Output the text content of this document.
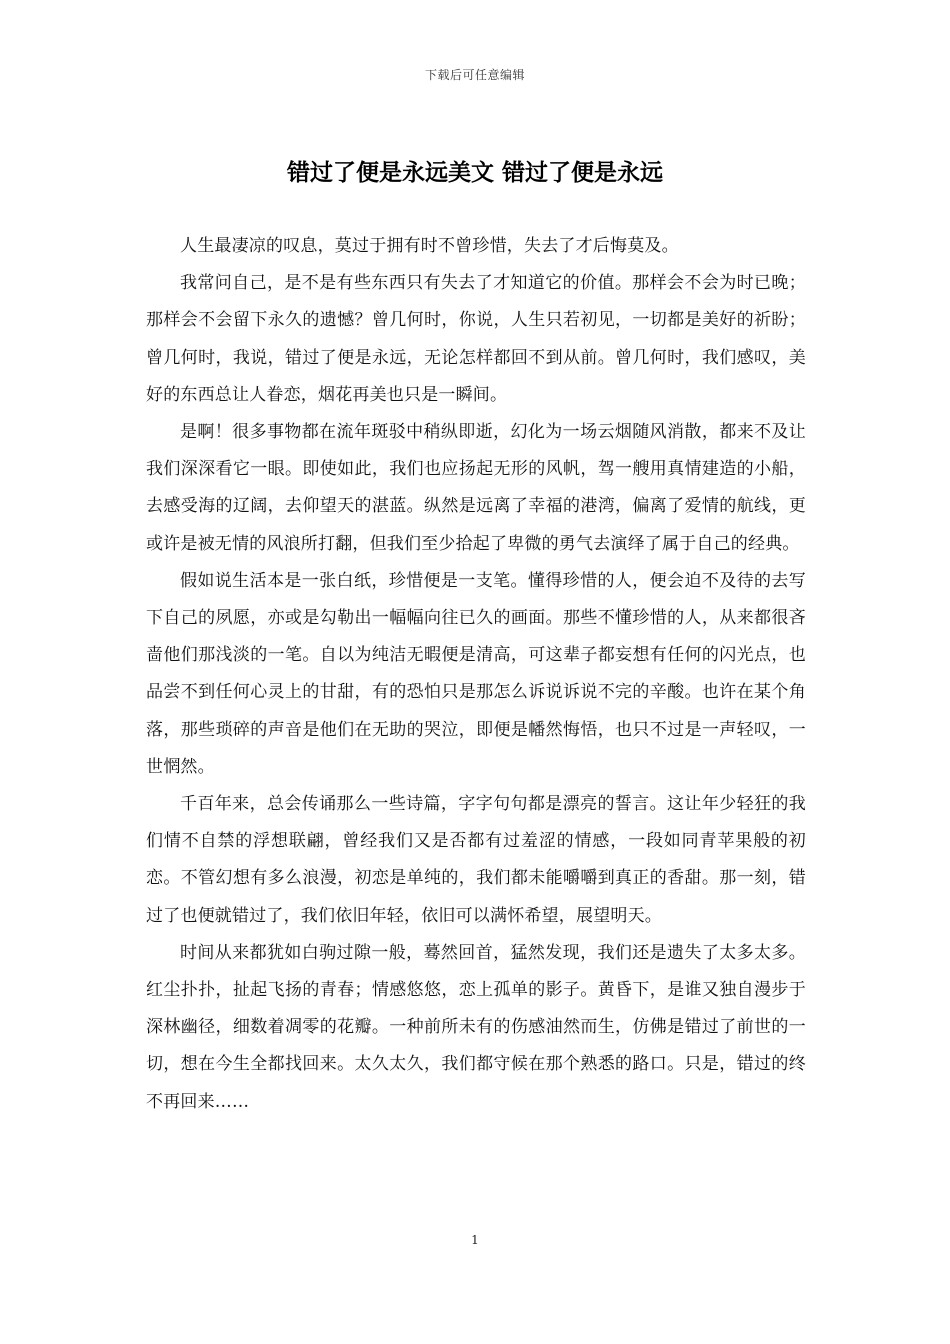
下载后可任意编辑
错过了便是永远美文 错过了便是永远

人生最凄凉的叹息，莫过于拥有时不曾珍惜，失去了才后悔莫及。

我常问自己，是不是有些东西只有失去了才知道它的价值。那样会不会为时已晚；那样会不会留下永久的遗憾？曾几何时，你说，人生只若初见，一切都是美好的祈盼；曾几何时，我说，错过了便是永远，无论怎样都回不到从前。曾几何时，我们感叹，美好的东西总让人眷恋，烟花再美也只是一瞬间。

是啊！很多事物都在流年斑驳中稍纵即逝，幻化为一场云烟随风消散，都来不及让我们深深看它一眼。即使如此，我们也应扬起无形的风帆，驾一艘用真情建造的小船，去感受海的辽阔，去仰望天的湛蓝。纵然是远离了幸福的港湾，偏离了爱情的航线，更或许是被无情的风浪所打翻，但我们至少拾起了卑微的勇气去演绎了属于自己的经典。

假如说生活本是一张白纸，珍惜便是一支笔。懂得珍惜的人，便会迫不及待的去写下自己的夙愿，亦或是勾勒出一幅幅向往已久的画面。那些不懂珍惜的人，从来都很吝啬他们那浅淡的一笔。自以为纯洁无暇便是清高，可这辈子都妄想有任何的闪光点，也品尝不到任何心灵上的甘甜，有的恐怕只是那怎么诉说诉说不完的辛酸。也许在某个角落，那些琐碎的声音是他们在无助的哭泣，即便是幡然悔悟，也只不过是一声轻叹，一世惘然。

千百年来，总会传诵那么一些诗篇，字字句句都是漂亮的誓言。这让年少轻狂的我们情不自禁的浮想联翩，曾经我们又是否都有过羞涩的情感，一段如同青苹果般的初恋。不管幻想有多么浪漫，初恋是单纯的，我们都未能嚼嚼到真正的香甜。那一刻，错过了也便就错过了，我们依旧年轻，依旧可以满怀希望，展望明天。

时间从来都犹如白驹过隙一般，蓦然回首，猛然发现，我们还是遗失了太多太多。红尘扑扑，扯起飞扬的青春；情感悠悠，恋上孤单的影子。黄昏下，是谁又独自漫步于深林幽径，细数着凋零的花瓣。一种前所未有的伤感油然而生，仿佛是错过了前世的一切，想在今生全都找回来。太久太久，我们都守候在那个熟悉的路口。只是，错过的终不再回来……

1
